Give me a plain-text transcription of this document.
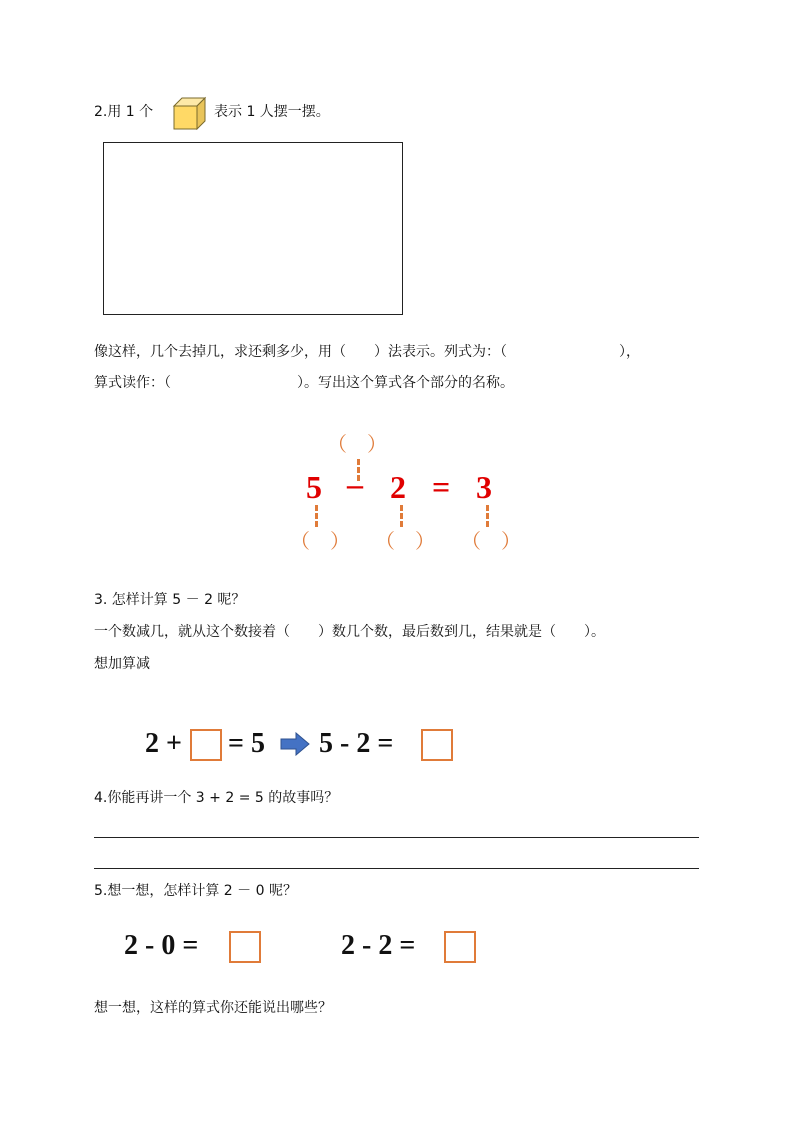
2.用 1 个	表示 1 人摆一摆。
像这样，几个去掉几，求还剩多少，用（　　）法表示。列式为：（　　　　　　　　），
算式读作：（　　　　　　　　　）。写出这个算式各个部分的名称。
（　）
5 – 2 = 3
（　） （　） （　）
3. 怎样计算 5 － 2 呢？
一个数减几，就从这个数接着（　　）数几个数，最后数到几，结果就是（　　）。
想加算减
2 + = 5 5 - 2 =
4.你能再讲一个 3 + 2 = 5 的故事吗？
5.想一想，怎样计算 2 － 0 呢？
2 - 0 =	2 - 2 =
想一想，这样的算式你还能说出哪些？
